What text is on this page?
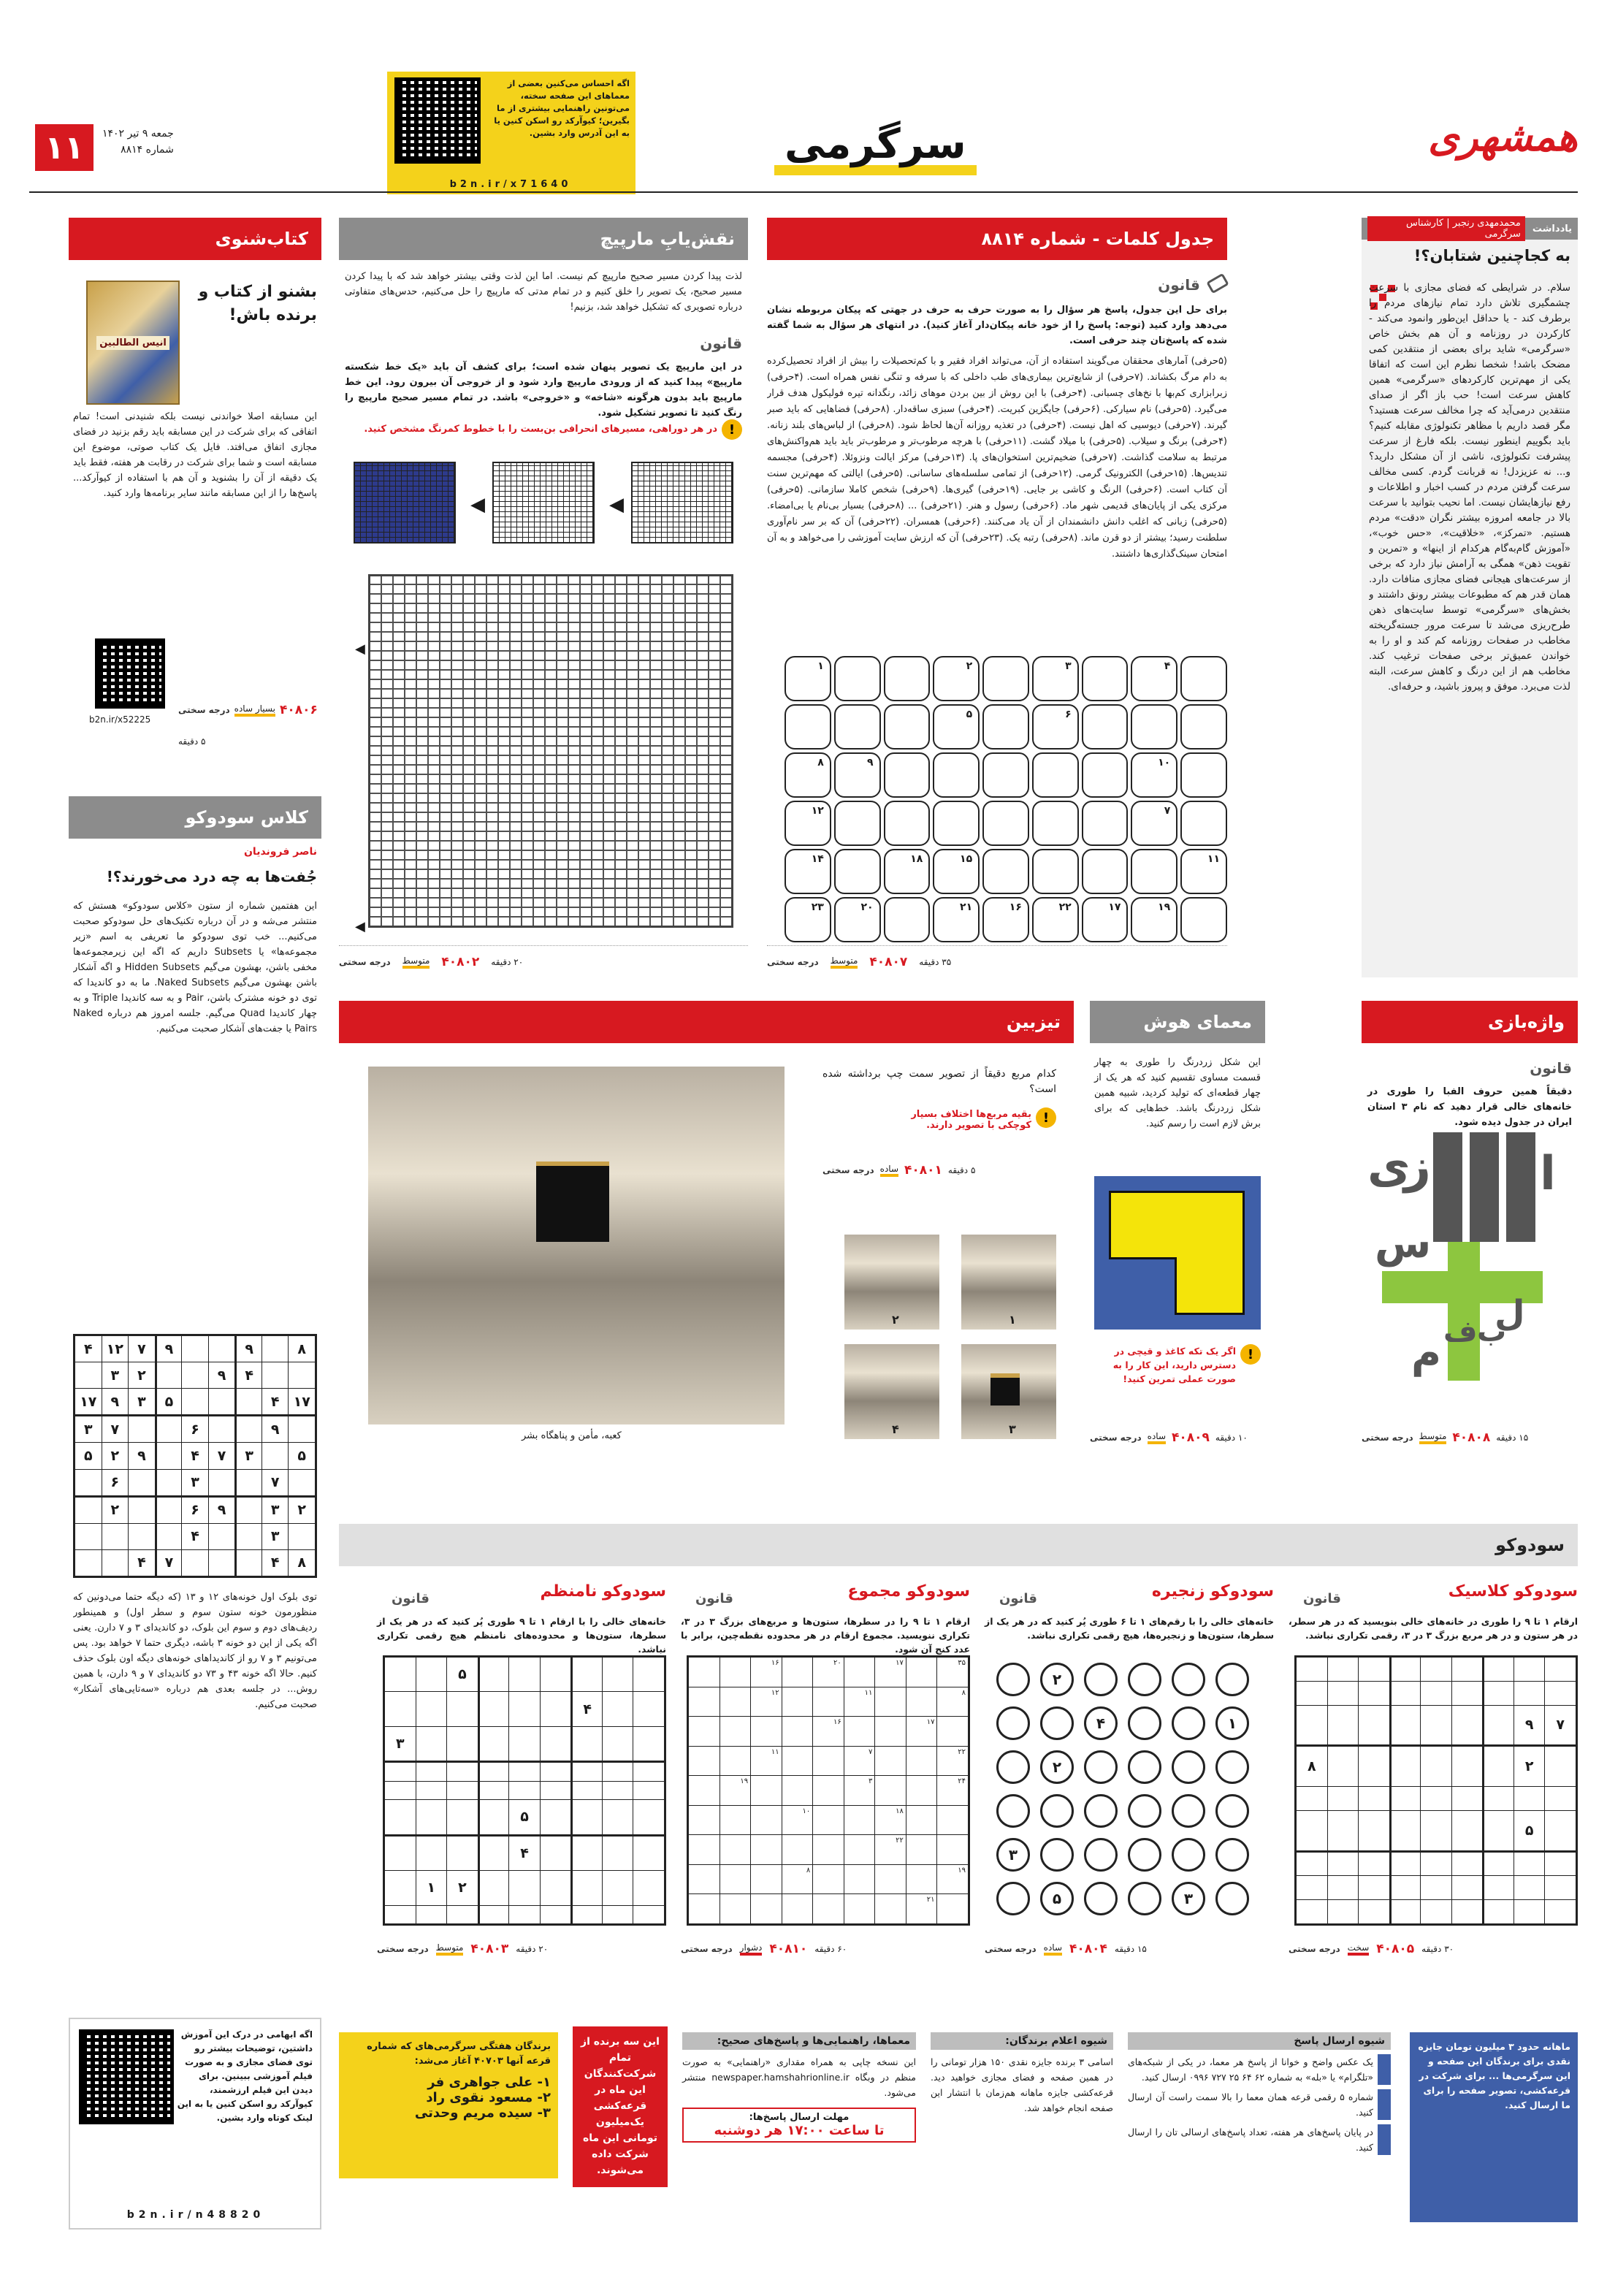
۱۱	جمعه ۹ تیر ۱۴۰۲
شماره ۸۸۱۴
اگه احساس می‌کنین بعضی از معماهای این صفحه سخته، می‌تونین راهنمایی بیشتری از ما بگیرین؛ کیوآرکد رو اسکن کنین یا به این آدرس وارد بشین.
b2n.ir/x71640
سرگرمی	همشهری
یادداشت
محمدمهدی رنجبر | کارشناس سرگرمی
به کجاچنین شتابان؟!
سلام. در شرایطی که فضای مجازی با سرعت چشمگیری تلاش دارد تمام نیازهای مردم را برطرف کند - یا حداقل این‌طور وانمود می‌کند - کارکردن در روزنامه و آن هم بخش خاص «سرگرمی» شاید برای بعضی از منتقدین کمی مضحک باشد! شخصا نظرم این است که اتفاقا یکی از مهم‌ترین کارکردهای «سرگرمی» همین کاهش سرعت است! حب باز اگر از صدای منتقدین درمی‌آید که چرا مخالف سرعت هستید؟ مگر قصد داریم با مظاهر تکنولوژی مقابله کنیم؟ باید بگوییم اینطور نیست. بلکه فارغ از سرعت پیشرفت تکنولوژی، ناشی از آن مشکل دارید؟ و... نه عزیزدل! نه قربانت گردم. کسی مخالف سرعت گرفتن مردم در کسب اخبار و اطلاعات و رفع نیازهایشان نیست. اما نحیب بتوانید با سرعت بالا در جامعه امروزه بیشتر نگران «دقت» مردم هستیم. «تمرکز»، «خلاقیت»، «حس خوب»، «آموزش گام‌به‌گام هرکدام از اینها» و «تمرین و تقویت ذهن» همگی به آرامش نیاز دارد که برخی از سرعت‌های هیجانی فضای مجازی منافات دارد. همان قدر هم که مطبوعات بیشتر رونق داشتند و بخش‌های «سرگرمی» توسط سایت‌های ذهن طرح‌ریزی می‌شد تا سرعت مرور جسته‌گریخته مخاطب در صفحات روزنامه کم کند و او را به خواندن عمیق‌تر برخی صفحات ترغیب کند. مخاطب هم از این درنگ و کاهش سرعت، البته لذت می‌برد. موفق و پیروز باشید، و حرفه‌ای.
جدول کلمات - شماره ۸۸۱۴
قانون
برای حل این جدول، پاسخ هر سؤال را به صورت حرف به حرف در جهتی که پیکان مربوطه نشان می‌دهد وارد کنید (توجه: پاسخ را از خود خانه پیکان‌دار آغاز کنید). در انتهای هر سؤال به شما گفته شده که پاسخ‌تان چند حرفی است.
(۵حرفی) آمارهای محققان می‌گویند استفاده از آن، می‌تواند افراد فقیر و با کم‌تحصیلات را بیش از افراد تحصیل‌کرده به دام مرگ بکشاند. (۷حرفی) از شایع‌ترین بیماری‌های طب داخلی که با سرفه و تنگی نفس همراه است. (۴حرفی) زبرابزاری کم‌بها با نخ‌های چسبانی. (۴حرفی) با این روش از بین بردن موهای زائد، رنگدانه تیره فولیکول هدف قرار می‌گیرد. (۵حرفی) نام سیارکی. (۶حرفی) جایگزین کبریت. (۴حرفی) سبزی ساقه‌دار. (۸حرفی) فضاهایی که باید صبر گیرند. (۷حرفی) دیوسیی که اهل نیست. (۴حرفی) در تغذیه روزانه آن‌ها لحاظ شود. (۸حرفی) از لباس‌های بلند زنانه. (۴حرفی) برنگ و سیلاب. (۵حرفی) با میلاد گشت. (۱۱حرفی) با هرچه مرطوب‌تر و مرطوب‌تر باید باید هم‌واکنش‌های مرتبط به سلامت گذاشت. (۷حرفی) ضخیم‌ترین استخوان‌های پا. (۱۳حرفی) مرکز ایالت ونزوئلا. (۴حرفی) مجسمه تندیس‌ها. (۱۵حرفی) الکترونیک گرمی. (۱۲حرفی) از تمامی سلسله‌های ساسانی. (۵حرفی) ایالتی که مهم‌ترین سنت آن کتاب است. (۶حرفی) الرنگ و کاشی بر جایی. (۱۹حرفی) گیری‌ها. (۹حرفی) شخص کاملا سازمانی. (۵حرفی) مرکزی یکی از پایان‌های قدیمی شهر ماد. (۶حرفی) رسول و هنر. (۲۱حرفی) ... (۸حرفی) بسیار بی‌نام یا بی‌امضاء. (۵حرفی) زبانی که اغلب دانش دانشمندان از آن یاد می‌کنند. (۶حرفی) همسران. (۲۲حرفی) آن که بر سر نام‌آوری سلطنت رسید؛ بیشتر از دو قرن ماند. (۸حرفی) رتبه یک. (۲۳حرفی) آن که ارزش سایت آموزشی را می‌خواهد و به آن امتحان سینک‌گذاری‌ها داشتند.
۴
۳
۲
۱
۶
۵
۱۰
۹
۸
۷
۱۲
۱۱
۱۵
۱۸
۱۴
۱۹
۱۷
۲۲
۱۶
۲۱
۲۰
۲۳
درجه سختی متوسط ۴۰۸۰۷ ۳۵ دقیقه
نقش‌یابِ مارپیچ
لذت پیدا کردن مسیر صحیح مارپیچ کم نیست. اما این لذت وقتی بیشتر خواهد شد که با پیدا کردن مسیر صحیح، یک تصویر را خلق کنیم و در تمام مدتی که مارپیچ را حل می‌کنیم، حدس‌های متفاوتی درباره تصویری که تشکیل خواهد شد، بزنیم!
قانون
در این مارپیچ یک تصویر پنهان شده است؛ برای کشف آن باید «یک خط شکسته مارپیچ» پیدا کنید که از ورودی مارپیچ وارد شود و از خروجی آن بیرون رود. این خط مارپیچ باید بدون هرگونه «شاخه» و «خروجی» باشد. در تمام مسیر صحیح مارپیچ را رنگ کنید تا تصویر تشکیل شود.
!
در هر دوراهی، مسیرهای انحرافی بن‌بست را با خطوط کمرنگ مشخص کنید.
◀
◀
◀
◀
درجه سختی متوسط ۴۰۸۰۲ ۲۰ دقیقه
کتاب‌شنوی
انیس الطالبین
بشنو از کتاب و برنده باش!
این مسابقه اصلا خواندنی نیست بلکه شنیدنی است! تمام اتفاقی که برای شرکت در این مسابقه باید رقم بزنید در فضای مجازی اتفاق می‌افتد. فایل یک کتاب صوتی، موضوع این مسابقه است و شما برای شرکت در رقابت هر هفته، فقط باید یک دقیقه از آن را بشنوید و آن هم با استفاده از کیوآرکد... پاسخ‌ها را از این مسابقه مانند سایر برنامه‌ها وارد کنید.
b2n.ir/x52225
درجه سختی بسیار ساده ۴۰۸۰۶
۵ دقیقه
کلاس سودوکو
ناصر فرونديان
جُفت‌ها به چه درد می‌خورند؟!
این هفتمین شماره از ستون «کلاس سودوکو» هستش که منتشر می‌شه و در آن درباره تکنیک‌های حل سودوکو صحبت می‌کنیم... خب توی سودوکو ما تعریفی به اسم «زیر مجموعه‌ها» یا Subsets داریم که اگه این زیرمجموعه‌ها مخفی باشن، بهشون می‌گیم Hidden Subsets و اگه آشکار باشن بهشون می‌گیم Naked Subsets. ما به دو کاندیدا که توی دو خونه مشترک باشن، Pair و به سه کاندیدا Triple و به چهار کاندیدا Quad می‌گیم. جلسه امروز هم درباره Naked Pairs یا جفت‌های آشکار صحبت می‌کنیم.
۸
۹
۹
۷
۱۲
۴
۴
۹
۲
۳
۱۷
۴
۵
۳
۹
۱۷
۹
۶
۷
۳
۵
۳
۷
۴
۹
۲
۵
۷
۳
۶
۲
۳
۹
۶
۲
۳
۴
۸
۴
۷
۴
توی بلوک اول خونه‌های ۱۲ و ۱۳ (که دیگه حتما می‌دونین که منظورمون خونه ستون سوم و سطر اول) و همینطور ردیف‌های دوم و سوم این بلوک، دو کاندیدای ۳ و ۷ دارن. یعنی اگه یکی از این دو خونه ۳ باشه، دیگری حتما ۷ خواهد بود. پس می‌تونیم ۳ و ۷ رو از کاندیداهای خونه‌های دیگه اون بلوک حذف کنیم. حالا اگه خونه ۴۳ و ۷۳ دو کاندیدای ۷ و ۹ دارن، با همین روش... در جلسه بعدی هم درباره «سه‌تایی‌های آشکار» صحبت می‌کنیم.
واژه‌بازی
قانون
دقیقاً همین حروف الفبا را طوری در خانه‌های خالی قرار دهید که نام ۳ استان ایران در جدول دیده شود.
ا
ز
ی
س
ل
ب
ف
م
درجه سختی متوسط ۴۰۸۰۸ ۱۵ دقیقه
معمای هوش
این شکل زردرنگ را طوری به چهار قسمت مساوی تقسیم کنید که هر یک از چهار قطعه‌ای که تولید کردید، شبیه همین شکل زردرنگ باشد. خط‌هایی که برای برش لازم است را رسم کنید.
!
اگر یک تکه کاغذ و قیچی در دسترس دارید، این کار را به صورت عملی تمرین کنید!
درجه سختی ساده ۴۰۸۰۹ ۱۰ دقیقه
تیزبین
کعبه، مأمن و پناهگاه بشر
کدام مربع دقیقاً از تصویر سمت چپ برداشته شده است؟
!
بقیه مربع‌ها اختلاف بسیار کوچکی با تصویر دارند.
درجه سختی ساده ۴۰۸۰۱ ۵ دقیقه
۱
۲
۳
۴
سودوکو
سودوکو کلاسیک
قانون
ارقام ۱ تا ۹ را طوری در خانه‌های خالی بنویسید که در هر سطر، در هر ستون و در هر مربع بزرگ ۳ در ۳، رقمی تکراری نباشد.
۷
۹
۲
۸
۵
درجه سختی سخت ۴۰۸۰۵ ۳۰ دقیقه
سودوکو زنجیره
قانون
خانه‌های خالی را با رقم‌های ۱ تا ۶ طوری پُر کنید که در هر یک از سطرها، ستون‌ها و زنجیره‌ها، هیچ رقمی تکراری نباشد.
۲
۴	۱
۲
۳
۵	۳
درجه سختی ساده ۴۰۸۰۴ ۱۵ دقیقه
سودوکو مجموع
قانون
ارقام ۱ تا ۹ را در سطرها، ستون‌ها و مربع‌های بزرگ ۳ در ۳، تکراری ننویسید. مجموع ارقام در هر محدوده نقطه‌چین، برابر با عدد کنج آن شود.
۳۵
۱۷
۲۰
۱۶
۸
۱۱
۱۲
۱۷
۱۶
۲۲
۷
۱۱
۲۴
۳
۱۹
۱۸
۱۰
۲۲
۱۹
۸
۲۱
درجه سختی دشوار ۴۰۸۱۰ ۶۰ دقیقه
سودوکو نامنظم
قانون
خانه‌های خالی را با ارقام ۱ تا ۹ طوری پُر کنید که در هر یک از سطرها، ستون‌ها و محدوده‌های نامنظم هیچ رقمی تکراری نباشد.
۵
۴
۳
۵
۴
۲
۱
درجه سختی متوسط ۴۰۸۰۳ ۲۰ دقیقه
اگه ابهامی در درک این آموزش داشتین، توضیحات بیشتر رو توی فضای مجازی و به صورت فیلم آموزشی ببینین. برای دیدن این فیلم ارزشمند، کیوآرکد رو اسکن کنین یا به این لینک کوتاه وارد بشین.
b2n.ir/n48820
برندگان هفتگی سرگرمی‌های که شماره قرعه آنها ۴۰۷۰۳ آغاز می‌شد:
۱- علی جواهری فر
۲- مسعود نقوی راد
۳- سیده مریم وحدتی
این سه برنده از تمام شرکت‌کنندگان این ماه در قرعه‌کشی یک‌میلیون تومانی این ماه شرکت داده می‌شوند.
معماها، راهنمایی‌ها و پاسخ‌های صحیح:
این نسخه چاپی به همراه مقداری «راهنمایی» به صورت منظم در وبگاه newspaper.hamshahrionline.ir منتشر می‌شود.
مهلت ارسال پاسخ‌ها:
تا ساعت ۱۷:۰۰ هر دوشنبه
شیوه اعلام برندگان:
اسامی ۳ برنده جایزه نقدی ۱۵۰ هزار تومانی را در همین صفحه و فضای مجازی خواهید دید. قرعه‌کشی جایزه ماهانه هم‌زمان با انتشار این صفحه انجام خواهد شد.
شیوه ارسال پاسخ
یک عکس واضح و خوانا از پاسخ هر معما، در یکی از شبکه‌های «تلگرام» یا «بله» به شماره ۶۲ ۶۴ ۲۵ ۷۲۷ ۰۹۹۶ ارسال کنید.
شماره ۵ رقمی قرعه همان معما را بالا سمت راست آن ارسال کنید.
در پایان پاسخ‌های هر هفته، تعداد پاسخ‌های ارسالی تان را ارسال کنید.
ماهانه حدود ۳ میلیون تومان جایزه نقدی برای برندگان این صفحه و این سرگرمی‌ها ... برای شرکت در قرعه‌کشی، تصویر صفحه را برای ما ارسال کنید.
